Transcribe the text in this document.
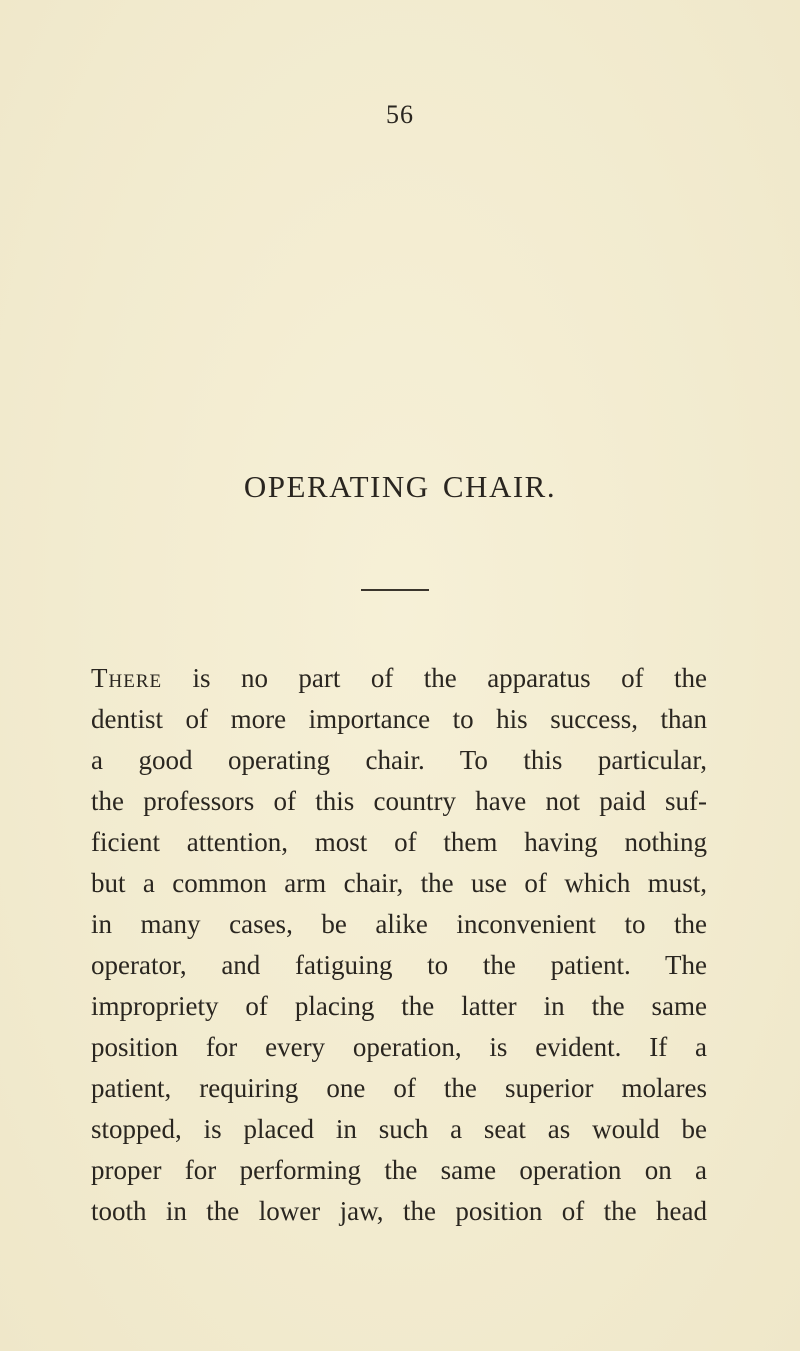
56
OPERATING CHAIR.
There is no part of the apparatus of the
dentist of more importance to his success, than
a good operating chair. To this particular,
the professors of this country have not paid suf-
ficient attention, most of them having nothing
but a common arm chair, the use of which must,
in many cases, be alike inconvenient to the
operator, and fatiguing to the patient. The
impropriety of placing the latter in the same
position for every operation, is evident. If a
patient, requiring one of the superior molares
stopped, is placed in such a seat as would be
proper for performing the same operation on a
tooth in the lower jaw, the position of the head
